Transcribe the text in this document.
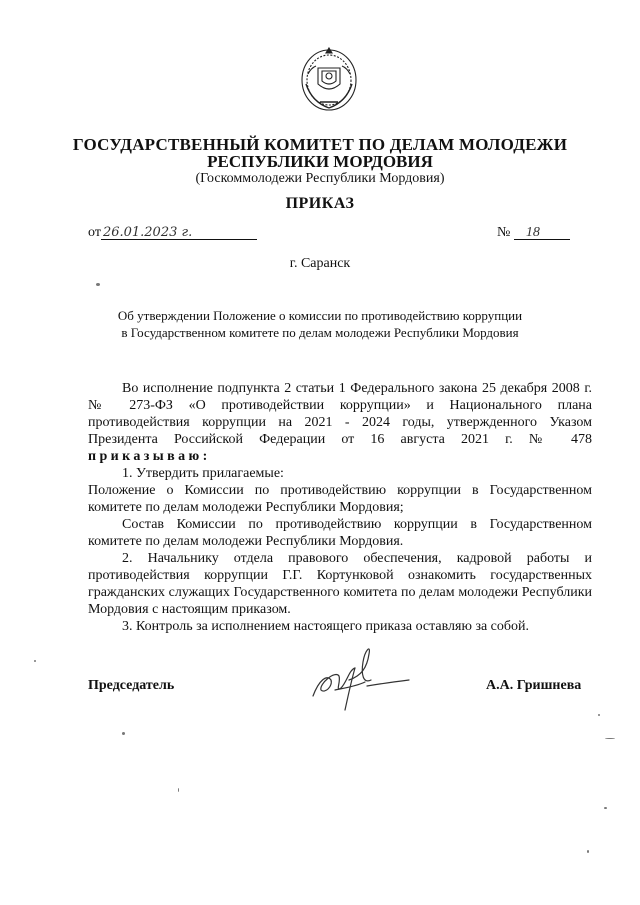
ГОСУДАРСТВЕННЫЙ КОМИТЕТ ПО ДЕЛАМ МОЛОДЕЖИ
РЕСПУБЛИКИ МОРДОВИЯ
(Госкоммолодежи Республики Мордовия)
ПРИКАЗ
от 26.01.2023 г.	№ 18
г. Саранск
Об утверждении Положение о комиссии по противодействию коррупции
в Государственном комитете по делам молодежи Республики Мордовия

Во исполнение подпункта 2 статьи 1 Федерального закона 25 декабря 2008 г. № 273-ФЗ «О противодействии коррупции» и Национального плана противодействия коррупции на 2021 - 2024 годы, утвержденного Указом Президента Российской Федерации от 16 августа 2021 г. № 478

приказываю:

1. Утвердить прилагаемые:

Положение о Комиссии по противодействию коррупции в Государственном комитете по делам молодежи Республики Мордовия;

Состав Комиссии по противодействию коррупции в Государственном комитете по делам молодежи Республики Мордовия.

2. Начальнику отдела правового обеспечения, кадровой работы и противодействия коррупции Г.Г. Кортунковой ознакомить государственных гражданских служащих Государственного комитета по делам молодежи Республики Мордовия с настоящим приказом.

3. Контроль за исполнением настоящего приказа оставляю за собой.

Председатель	А.А. Гришнева
